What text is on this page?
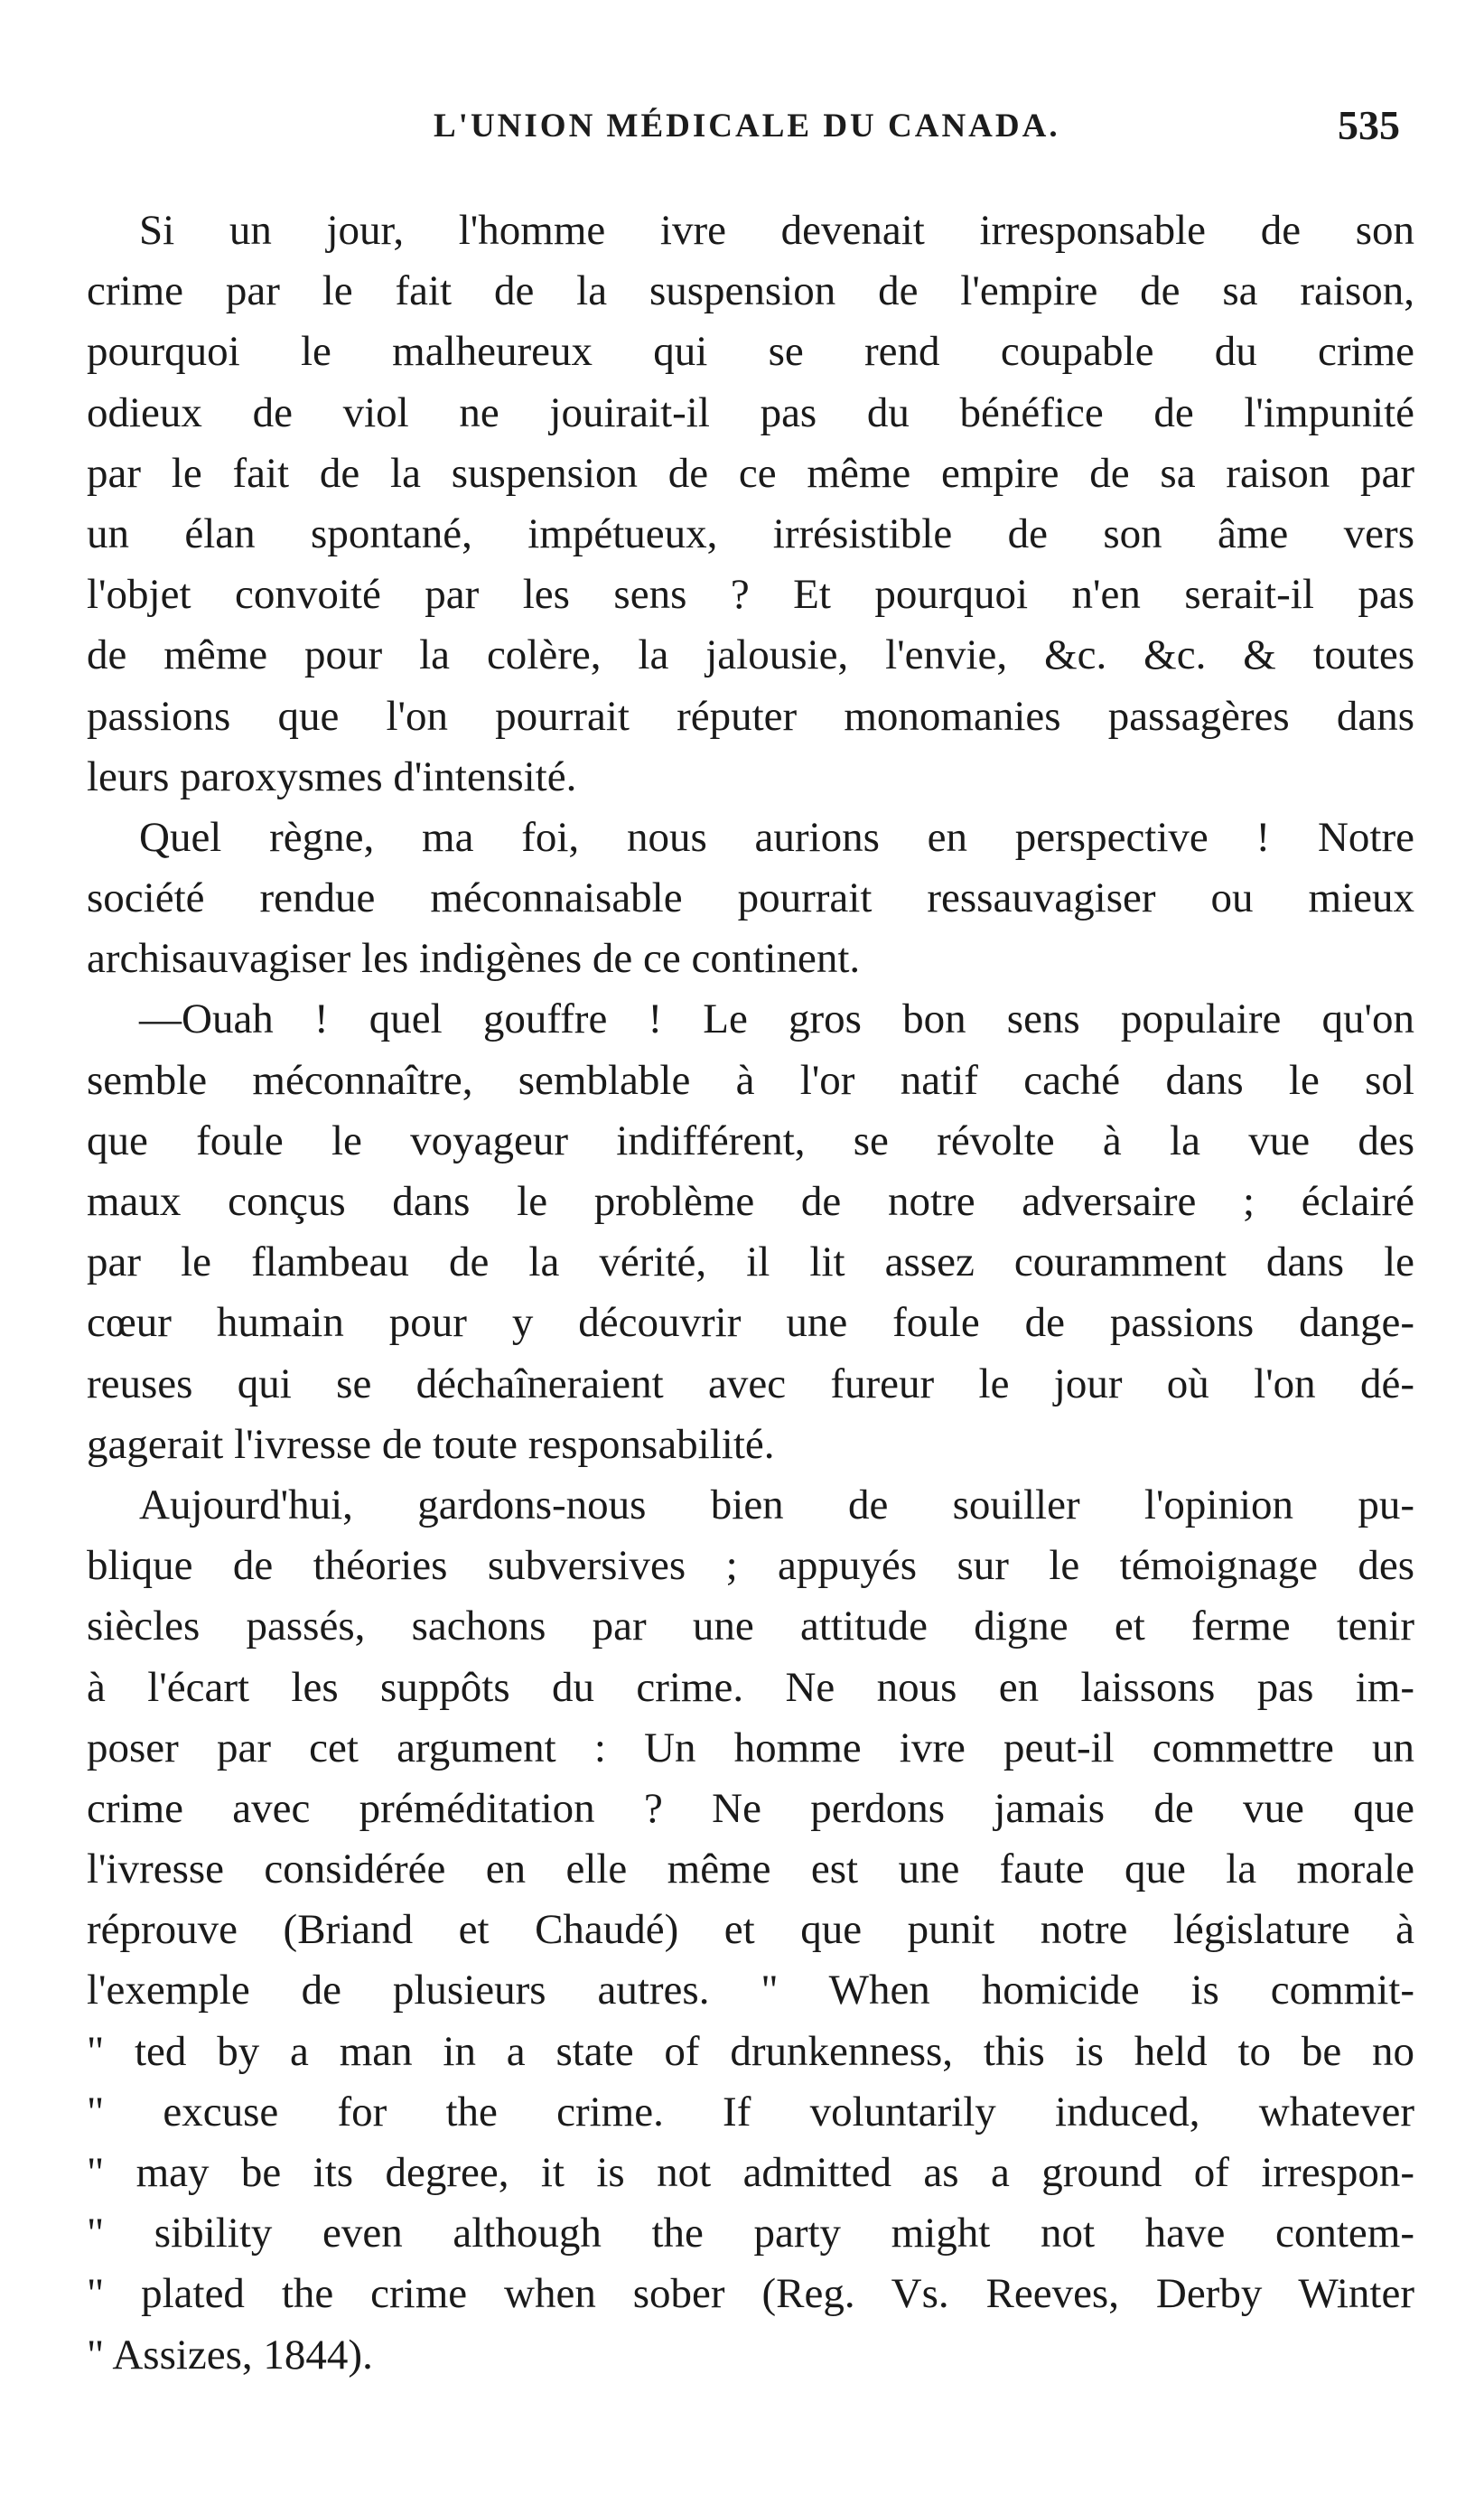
L'UNION MÉDICALE DU CANADA.	535
Si un jour, l'homme ivre devenait irresponsable de son
crime par le fait de la suspension de l'empire de sa raison,
pourquoi le malheureux qui se rend coupable du crime
odieux de viol ne jouirait-il pas du bénéfice de l'impunité
par le fait de la suspension de ce même empire de sa raison par
un élan spontané, impétueux, irrésistible de son âme vers
l'objet convoité par les sens ? Et pourquoi n'en serait-il pas
de même pour la colère, la jalousie, l'envie, &c. &c. & toutes
passions que l'on pourrait réputer monomanies passagères dans
leurs paroxysmes d'intensité.
Quel règne, ma foi, nous aurions en perspective ! Notre
société rendue méconnaisable pourrait ressauvagiser ou mieux
archisauvagiser les indigènes de ce continent.
—Ouah ! quel gouffre ! Le gros bon sens populaire qu'on
semble méconnaître, semblable à l'or natif caché dans le sol
que foule le voyageur indifférent, se révolte à la vue des
maux conçus dans le problème de notre adversaire ; éclairé
par le flambeau de la vérité, il lit assez couramment dans le
cœur humain pour y découvrir une foule de passions dange-
reuses qui se déchaîneraient avec fureur le jour où l'on dé-
gagerait l'ivresse de toute responsabilité.
Aujourd'hui, gardons-nous bien de souiller l'opinion pu-
blique de théories subversives ; appuyés sur le témoignage des
siècles passés, sachons par une attitude digne et ferme tenir
à l'écart les suppôts du crime. Ne nous en laissons pas im-
poser par cet argument : Un homme ivre peut-il commettre un
crime avec préméditation ? Ne perdons jamais de vue que
l'ivresse considérée en elle même est une faute que la morale
réprouve (Briand et Chaudé) et que punit notre législature à
l'exemple de plusieurs autres. " When homicide is commit-
" ted by a man in a state of drunkenness, this is held to be no
" excuse for the crime. If voluntarily induced, whatever
" may be its degree, it is not admitted as a ground of irrespon-
" sibility even although the party might not have contem-
" plated the crime when sober (Reg. Vs. Reeves, Derby Winter
" Assizes, 1844).
